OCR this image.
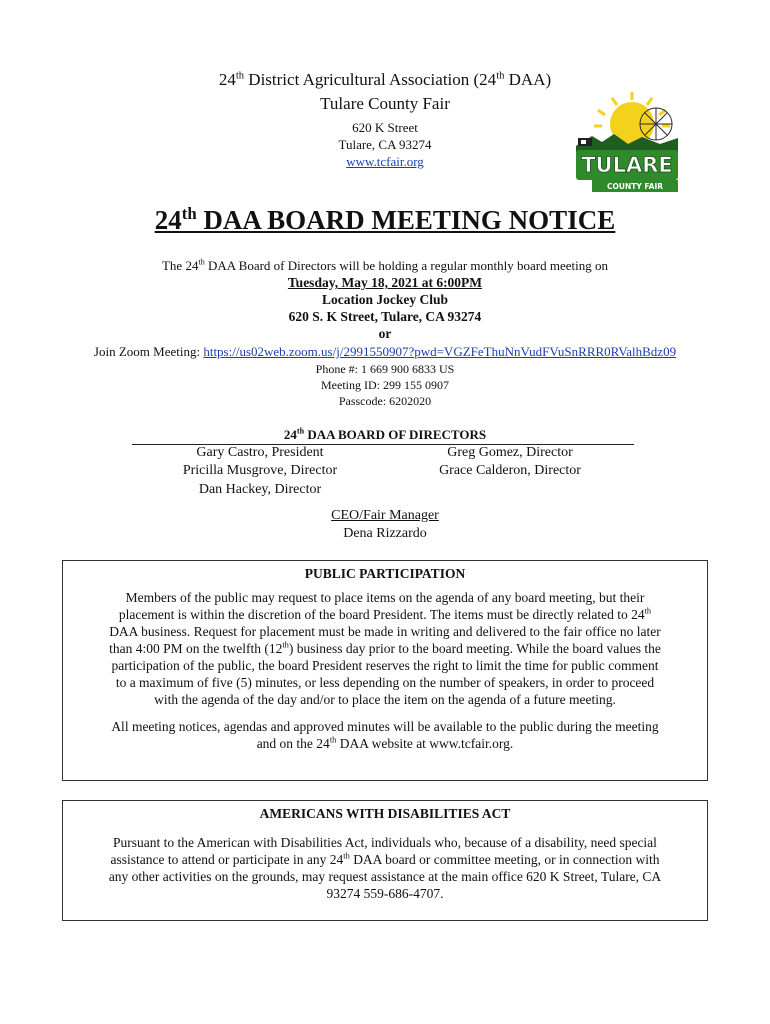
24th District Agricultural Association (24th DAA)
Tulare County Fair
620 K Street
Tulare, CA 93274
www.tcfair.org	TULARE
COUNTY FAIR
24th DAA BOARD MEETING NOTICE
The 24th DAA Board of Directors will be holding a regular monthly board meeting on
Tuesday, May 18, 2021 at 6:00PM
Location Jockey Club
620 S. K Street, Tulare, CA 93274
or
Join Zoom Meeting: https://us02web.zoom.us/j/2991550907?pwd=VGZFeThuNnVudFVuSnRRR0RValhBdz09
Phone #: 1 669 900 6833 US
Meeting ID: 299 155 0907
Passcode: 6202020
24th DAA BOARD OF DIRECTORS
Gary Castro, President
Pricilla Musgrove, Director
Dan Hackey, Director
Greg Gomez, Director
Grace Calderon, Director
CEO/Fair Manager
Dena Rizzardo
PUBLIC PARTICIPATION

Members of the public may request to place items on the agenda of any board meeting, but their

placement is within the discretion of the board President. The items must be directly related to 24th

DAA business. Request for placement must be made in writing and delivered to the fair office no later

than 4:00 PM on the twelfth (12th) business day prior to the board meeting. While the board values the

participation of the public, the board President reserves the right to limit the time for public comment

to a maximum of five (5) minutes, or less depending on the number of speakers, in order to proceed

with the agenda of the day and/or to place the item on the agenda of a future meeting.

All meeting notices, agendas and approved minutes will be available to the public during the meeting

and on the 24th DAA website at www.tcfair.org.

AMERICANS WITH DISABILITIES ACT

Pursuant to the American with Disabilities Act, individuals who, because of a disability, need special

assistance to attend or participate in any 24th DAA board or committee meeting, or in connection with

any other activities on the grounds, may request assistance at the main office 620 K Street, Tulare, CA

93274 559-686-4707.
